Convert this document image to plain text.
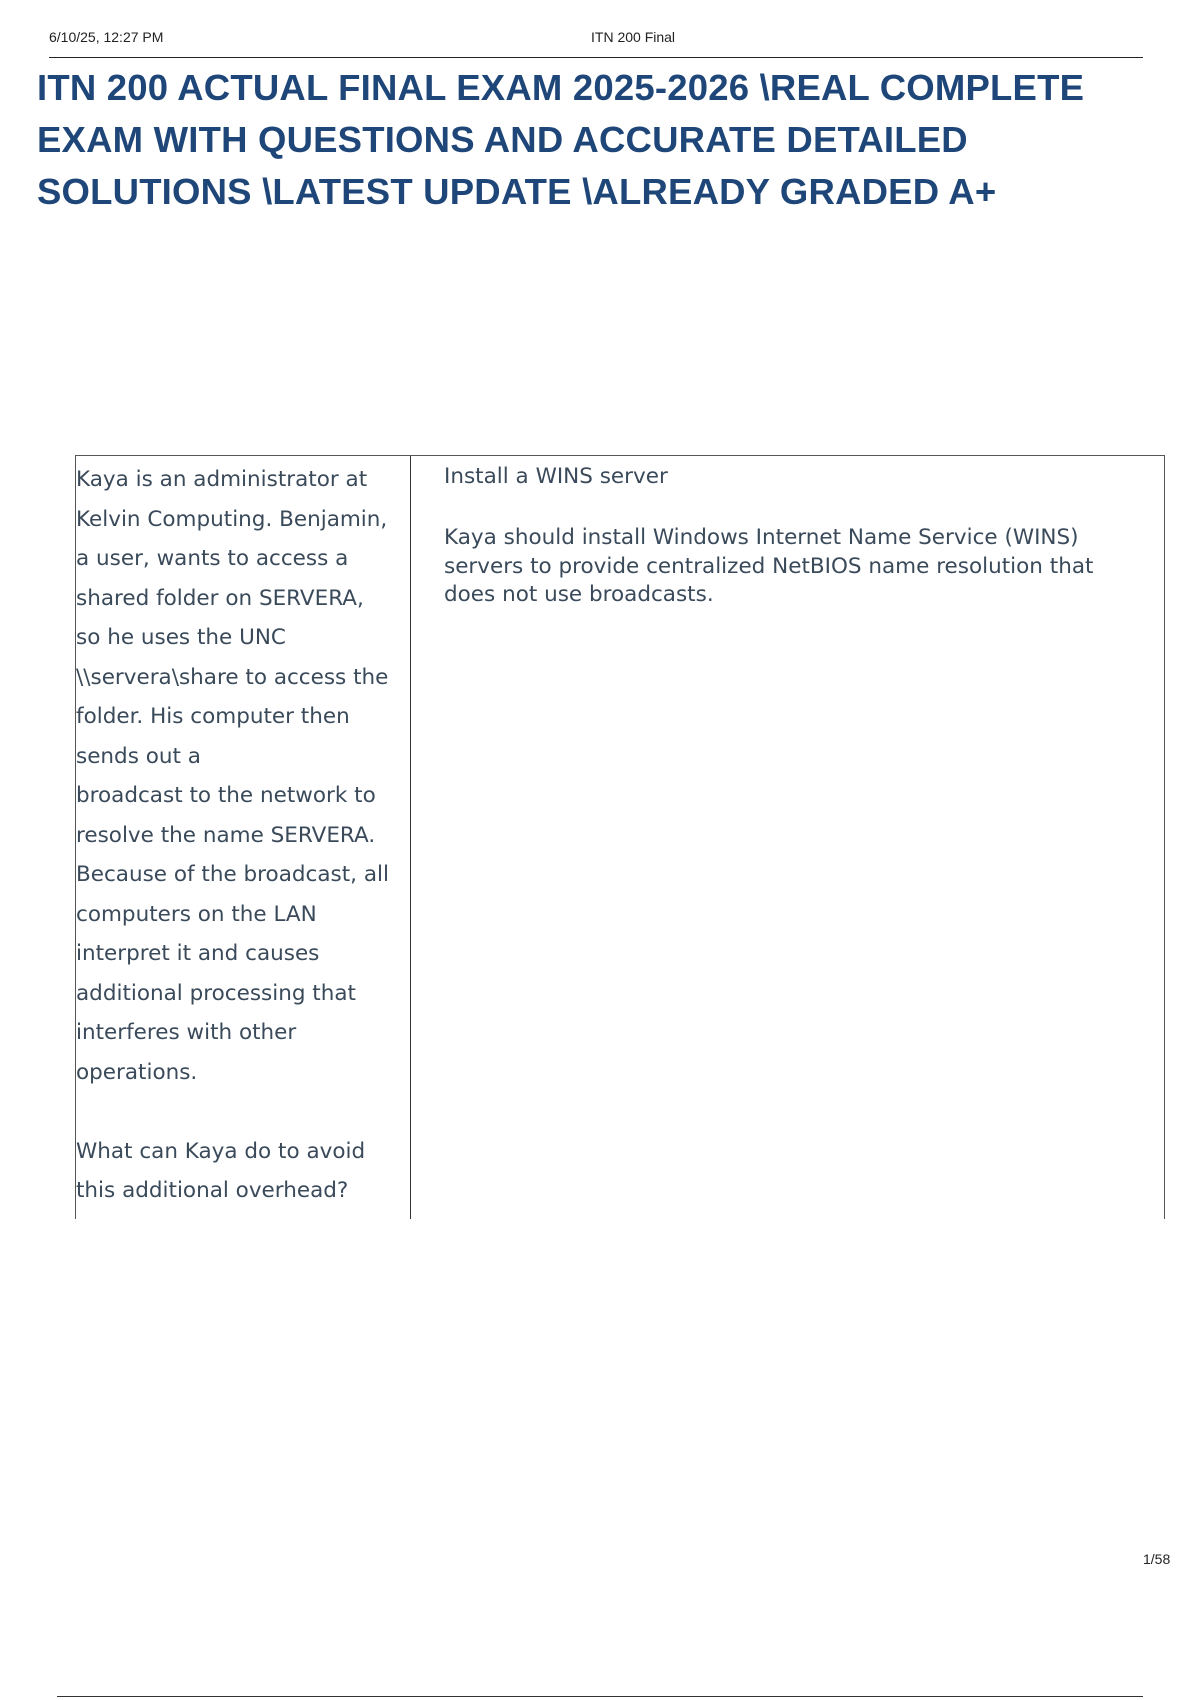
6/10/25, 12:27 PM	ITN 200 Final
ITN 200 ACTUAL FINAL EXAM 2025-2026 \REAL COMPLETE EXAM WITH QUESTIONS AND ACCURATE DETAILED SOLUTIONS \LATEST UPDATE \ALREADY GRADED A+
Kaya is an administrator at
Kelvin Computing. Benjamin,
a user, wants to access a
shared folder on SERVERA,
so he uses the UNC
\\servera\share to access the
folder. His computer then
sends out a
broadcast to the network to
resolve the name SERVERA.
Because of the broadcast, all
computers on the LAN
interpret it and causes
additional processing that
interferes with other
operations.

What can Kaya do to avoid
this additional overhead?

Install a WINS server

Kaya should install Windows Internet Name Service (WINS) servers to provide centralized NetBIOS name resolution that does not use broadcasts.

1/58
